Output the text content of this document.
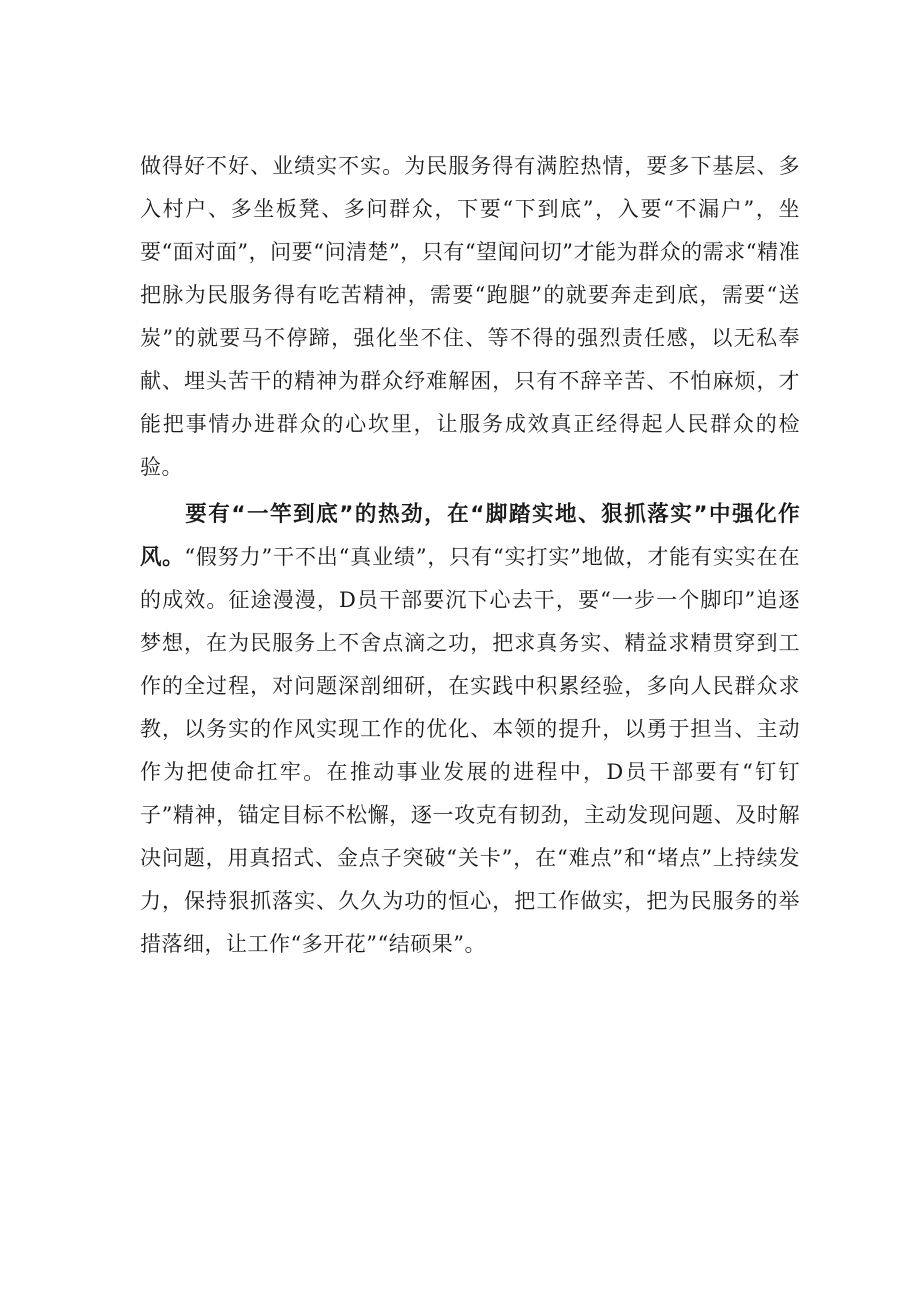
做得好不好、业绩实不实。为民服务得有满腔热情，要多下基层、多入村户、多坐板凳、多问群众，下要“下到底”，入要“不漏户”，坐要“面对面”，问要“问清楚”，只有“望闻问切”才能为群众的需求“精准把脉为民服务得有吃苦精神，需要“跑腿”的就要奔走到底，需要“送炭”的就要马不停蹄，强化坐不住、等不得的强烈责任感，以无私奉献、埋头苦干的精神为群众纾难解困，只有不辞辛苦、不怕麻烦，才能把事情办进群众的心坎里，让服务成效真正经得起人民群众的检验。

要有“一竿到底”的热劲，在“脚踏实地、狠抓落实”中强化作风。“假努力”干不出“真业绩”，只有“实打实”地做，才能有实实在在的成效。征途漫漫，D员干部要沉下心去干，要“一步一个脚印”追逐梦想，在为民服务上不舍点滴之功，把求真务实、精益求精贯穿到工作的全过程，对问题深剖细研，在实践中积累经验，多向人民群众求教，以务实的作风实现工作的优化、本领的提升，以勇于担当、主动作为把使命扛牢。在推动事业发展的进程中，D员干部要有“钉钉子”精神，锚定目标不松懈，逐一攻克有韧劲，主动发现问题、及时解决问题，用真招式、金点子突破“关卡”，在“难点”和“堵点”上持续发力，保持狠抓落实、久久为功的恒心，把工作做实，把为民服务的举措落细，让工作“多开花”“结硕果”。
